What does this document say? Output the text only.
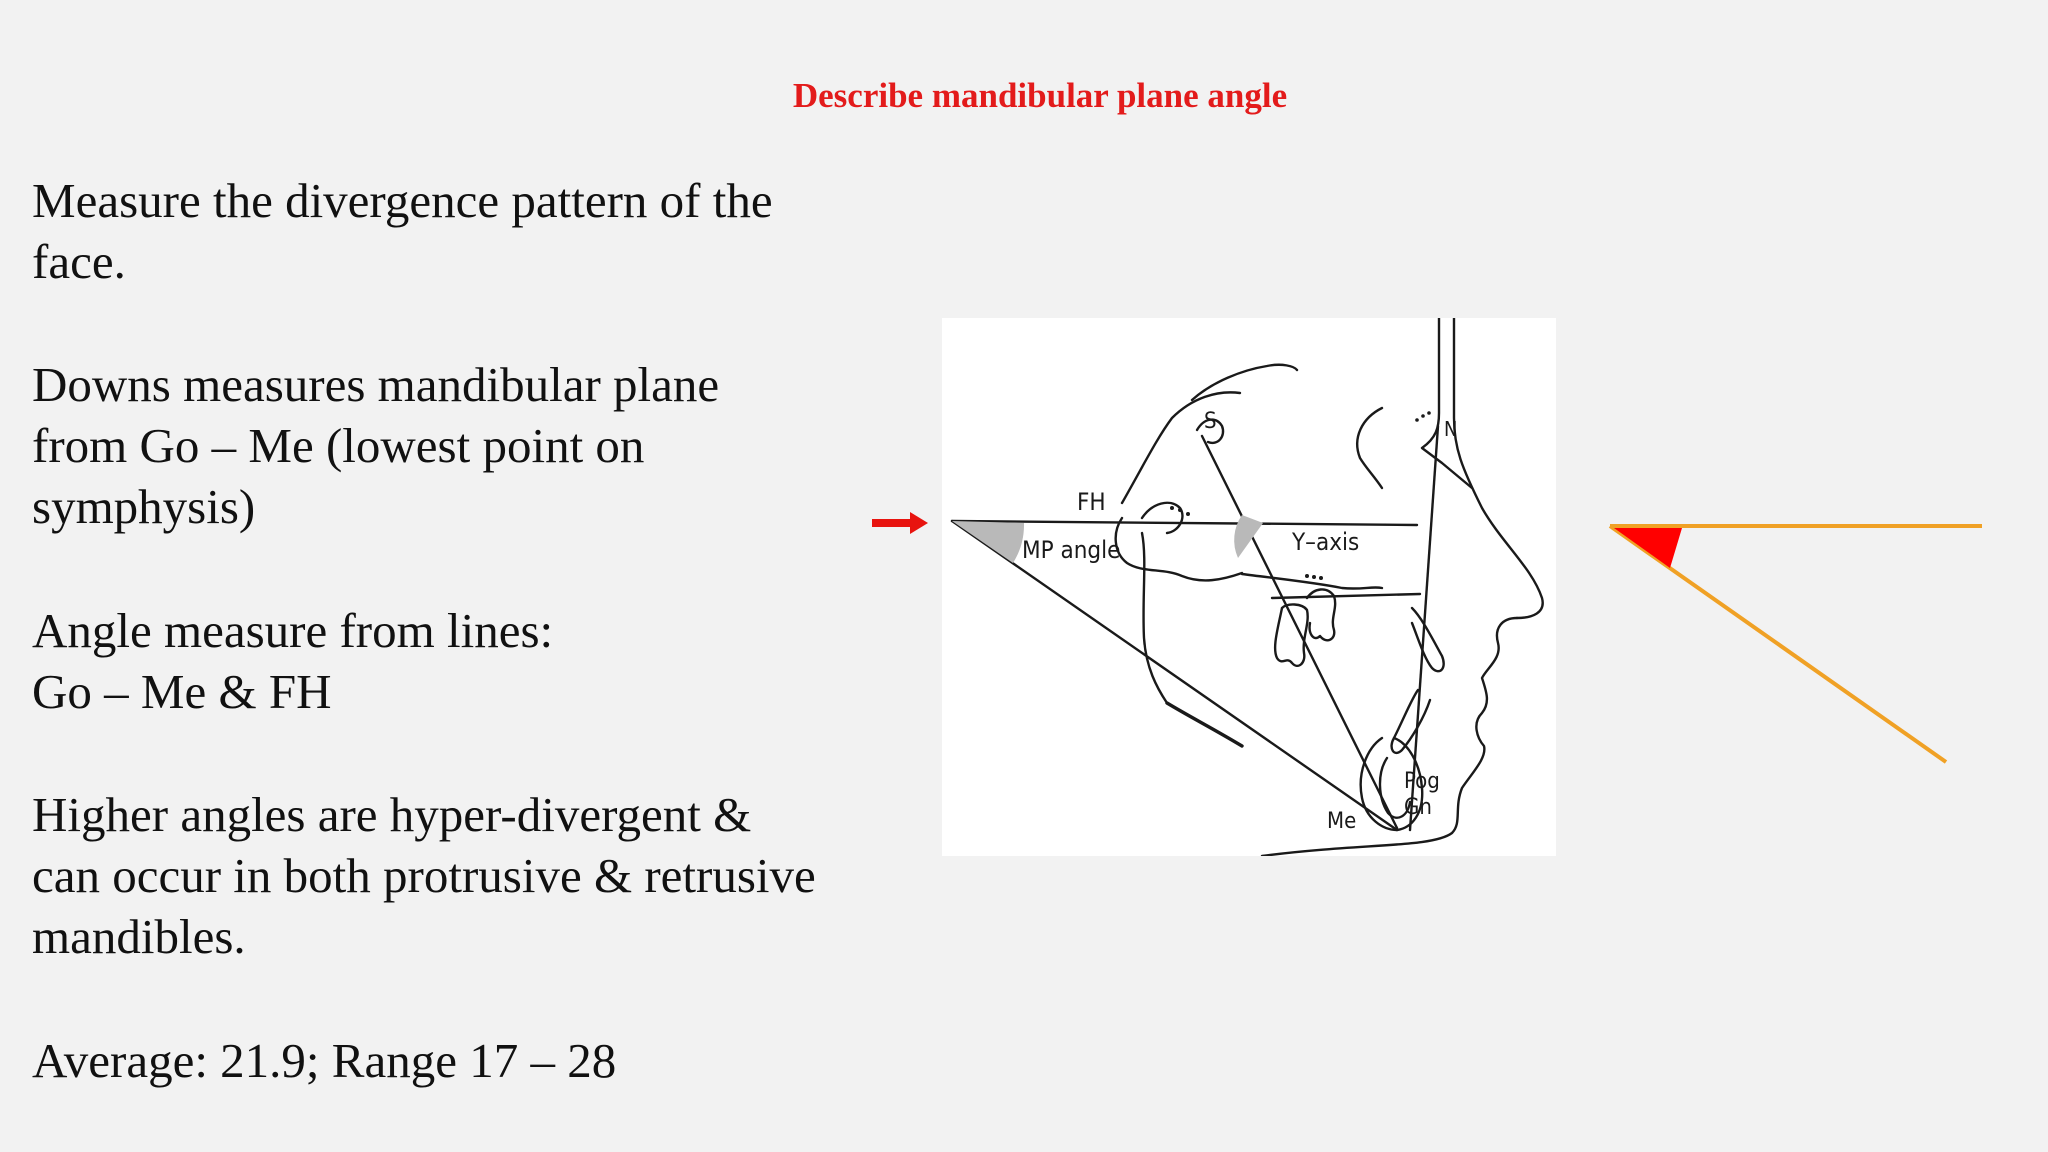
Describe mandibular plane angle

Measure the divergence pattern of the
face.

Downs measures mandibular plane
from Go – Me (lowest point on
symphysis)

Angle measure from lines:
Go – Me & FH

Higher angles are hyper-divergent &
can occur in both protrusive & retrusive
mandibles.

Average: 21.9; Range 17 – 28

FH
MP angle	Y–axis
S	N
Me
Pog
Gn
